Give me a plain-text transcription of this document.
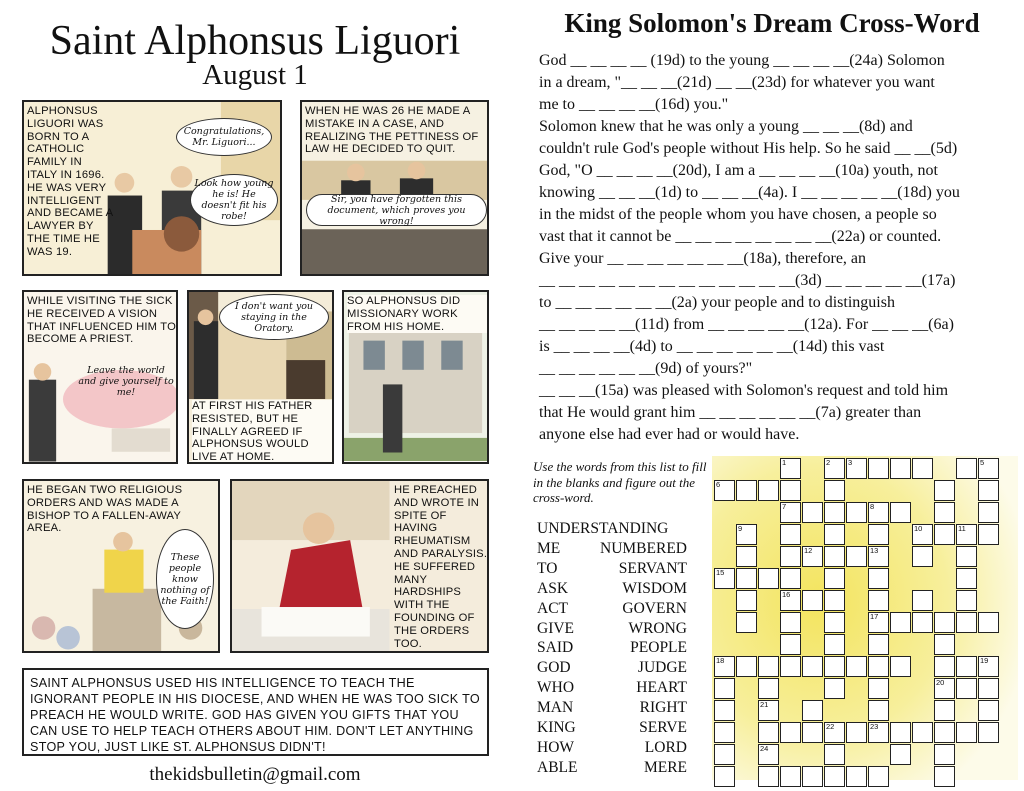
Saint Alphonsus Liguori
August 1
ALPHONSUS LIGUORI WAS BORN TO A CATHOLIC FAMILY IN ITALY IN 1696. HE WAS VERY INTELLIGENT AND BECAME A LAWYER BY THE TIME HE WAS 19.
Congratulations, Mr. Liguori...
Look how young he is! He doesn't fit his robe!
WHEN HE WAS 26 HE MADE A MISTAKE IN A CASE, AND REALIZING THE PETTINESS OF LAW HE DECIDED TO QUIT.
Sir, you have forgotten this document, which proves you wrong!
WHILE VISITING THE SICK HE RECEIVED A VISION THAT INFLUENCED HIM TO BECOME A PRIEST.
Leave the world and give yourself to me!
I don't want you staying in the Oratory.
AT FIRST HIS FATHER RESISTED, BUT HE FINALLY AGREED IF ALPHONSUS WOULD LIVE AT HOME.
SO ALPHONSUS DID MISSIONARY WORK FROM HIS HOME.
HE BEGAN TWO RELIGIOUS ORDERS AND WAS MADE A BISHOP TO A FALLEN-AWAY AREA.
These people know nothing of the Faith!
HE PREACHED AND WROTE IN SPITE OF HAVING RHEUMATISM AND PARALYSIS. HE SUFFERED MANY HARDSHIPS WITH THE FOUNDING OF THE ORDERS TOO.
SAINT ALPHONSUS USED HIS INTELLIGENCE TO TEACH THE IGNORANT PEOPLE IN HIS DIOCESE, AND WHEN HE WAS TOO SICK TO PREACH HE WOULD WRITE. GOD HAS GIVEN YOU GIFTS THAT YOU CAN USE TO HELP TEACH OTHERS ABOUT HIM. DON'T LET ANYTHING STOP YOU, JUST LIKE ST. ALPHONSUS DIDN'T!
thekidsbulletin@gmail.com
King Solomon's Dream Cross-Word

God __ __ __ __ (19d) to the young __ __ __ __(24a) Solomon

in a dream, "__ __ __(21d) __ __(23d) for whatever you want

me to __ __ __ __(16d) you."

Solomon knew that he was only a young __ __ __(8d) and

couldn't rule God's people without His help. So he said __ __(5d)

God, "O __ __ __ __(20d), I am a __ __ __ __(10a) youth, not

knowing __ __ __(1d) to __ __ __(4a). I __ __ __ __ __(18d) you

in the midst of the people whom you have chosen, a people so

vast that it cannot be __ __ __ __ __ __ __ __(22a) or counted.

Give your __ __ __ __ __ __ __(18a), therefore, an

__ __ __ __ __ __ __ __ __ __ __ __ __(3d) __ __ __ __ __(17a)

to __ __ __ __ __ __(2a) your people and to distinguish

__ __ __ __ __(11d) from __ __ __ __ __(12a). For __ __ __(6a)

is __ __ __ __(4d) to __ __ __ __ __ __(14d) this vast

__ __ __ __ __ __(9d) of yours?"

__ __ __(15a) was pleased with Solomon's request and told him

that He would grant him __ __ __ __ __ __(7a) greater than

anyone else had ever had or would have.

Use the words from this list to fill in the blanks and figure out the cross-word.
UNDERSTANDING
ME	NUMBERED
TO	SERVANT
ASK	WISDOM
ACT	GOVERN
GIVE	WRONG
SAID	PEOPLE
GOD	JUDGE
WHO	HEART
MAN	RIGHT
KING	SERVE
HOW	LORD
ABLE	MERE
1	2 3	5
6
7	8
9	10	11
12	13
15
16
17
18	19
20
21
22	23
24
